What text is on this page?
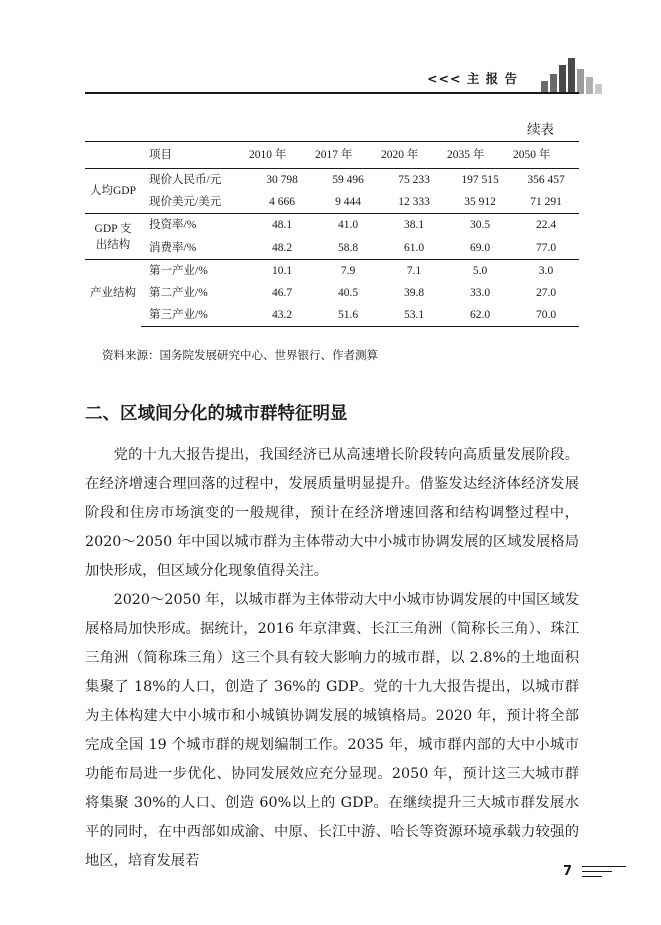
<<< 主 报 告
续表
	项目	2010 年	2017 年	2020 年	2035 年	2050 年
人均GDP	现价人民币/元	30 798	59 496	75 233	197 515	356 457
	现价美元/美元	4 666	9 444	12 333	35 912	71 291
GDP 支
出结构	投资率/%	48.1	41.0	38.1	30.5	22.4
	消费率/%	48.2	58.8	61.0	69.0	77.0
产业结构	第一产业/%	10.1	7.9	7.1	5.0	3.0
	第二产业/%	46.7	40.5	39.8	33.0	27.0
	第三产业/%	43.2	51.6	53.1	62.0	70.0
资料来源：国务院发展研究中心、世界银行、作者测算
二、区域间分化的城市群特征明显

党的十九大报告提出，我国经济已从高速增长阶段转向高质量发展阶段。在经济增速合理回落的过程中，发展质量明显提升。借鉴发达经济体经济发展阶段和住房市场演变的一般规律，预计在经济增速回落和结构调整过程中，2020～2050 年中国以城市群为主体带动大中小城市协调发展的区域发展格局加快形成，但区域分化现象值得关注。

2020～2050 年，以城市群为主体带动大中小城市协调发展的中国区域发展格局加快形成。据统计，2016 年京津冀、长江三角洲（简称长三角）、珠江三角洲（简称珠三角）这三个具有较大影响力的城市群，以 2.8%的土地面积集聚了 18%的人口，创造了 36%的 GDP。党的十九大报告提出，以城市群为主体构建大中小城市和小城镇协调发展的城镇格局。2020 年，预计将全部完成全国 19 个城市群的规划编制工作。2035 年，城市群内部的大中小城市功能布局进一步优化、协同发展效应充分显现。2050 年，预计这三大城市群将集聚 30%的人口、创造 60%以上的 GDP。在继续提升三大城市群发展水平的同时，在中西部如成渝、中原、长江中游、哈长等资源环境承载力较强的地区，培育发展若

7
